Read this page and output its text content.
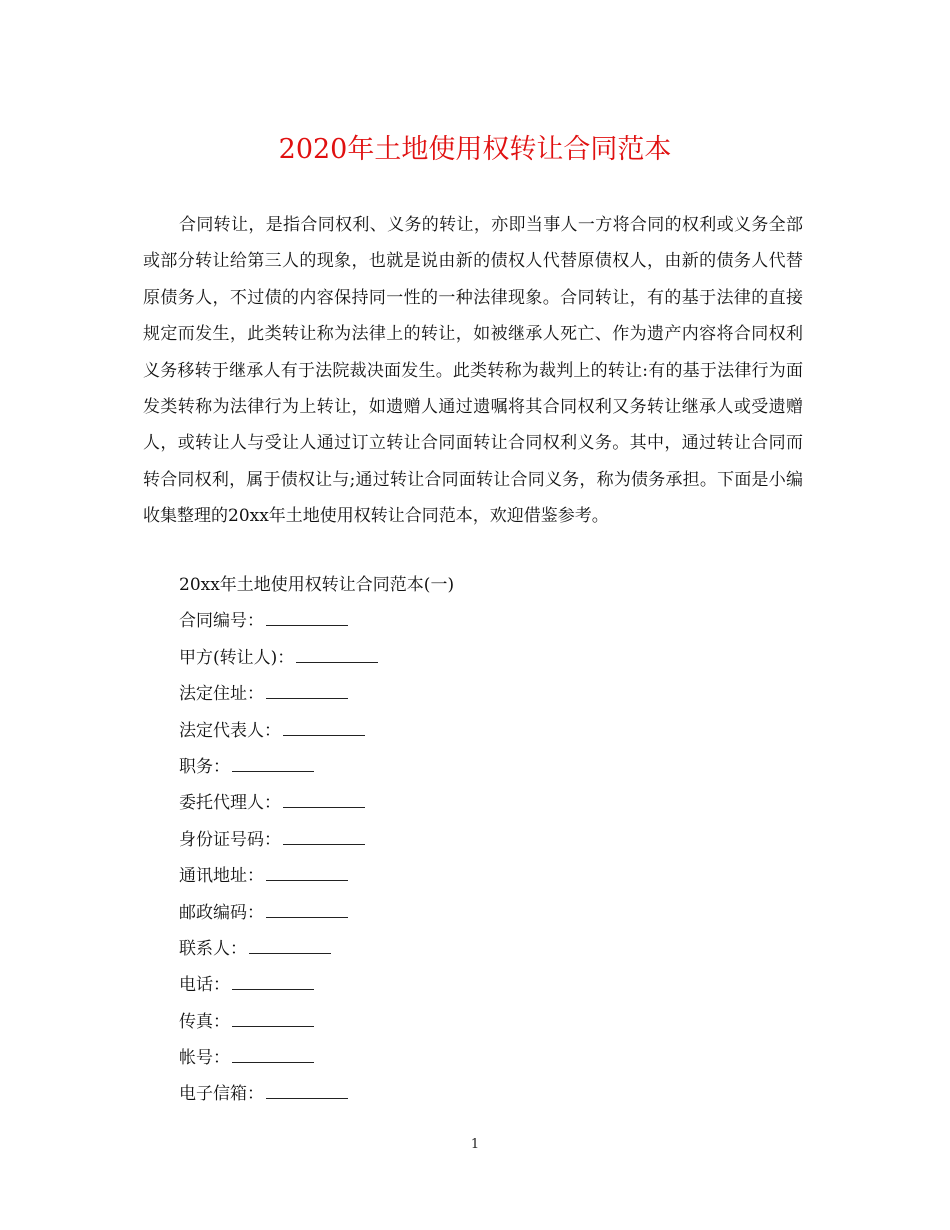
2020年土地使用权转让合同范本

合同转让，是指合同权利、义务的转让，亦即当事人一方将合同的权利或义务全部或部分转让给第三人的现象，也就是说由新的债权人代替原债权人，由新的债务人代替原债务人，不过债的内容保持同一性的一种法律现象。合同转让，有的基于法律的直接规定而发生，此类转让称为法律上的转让，如被继承人死亡、作为遗产内容将合同权利义务移转于继承人有于法院裁决面发生。此类转称为裁判上的转让:有的基于法律行为面发类转称为法律行为上转让，如遗赠人通过遗嘱将其合同权利又务转让继承人或受遗赠人，或转让人与受让人通过订立转让合同面转让合同权利义务。其中，通过转让合同而转合同权利，属于债权让与;通过转让合同面转让合同义务，称为债务承担。下面是小编收集整理的20xx年土地使用权转让合同范本，欢迎借鉴参考。

20xx年土地使用权转让合同范本(一)
合同编号：
甲方(转让人)：
法定住址：
法定代表人：
职务：
委托代理人：
身份证号码：
通讯地址：
邮政编码：
联系人：
电话：
传真：
帐号：
电子信箱：
1
